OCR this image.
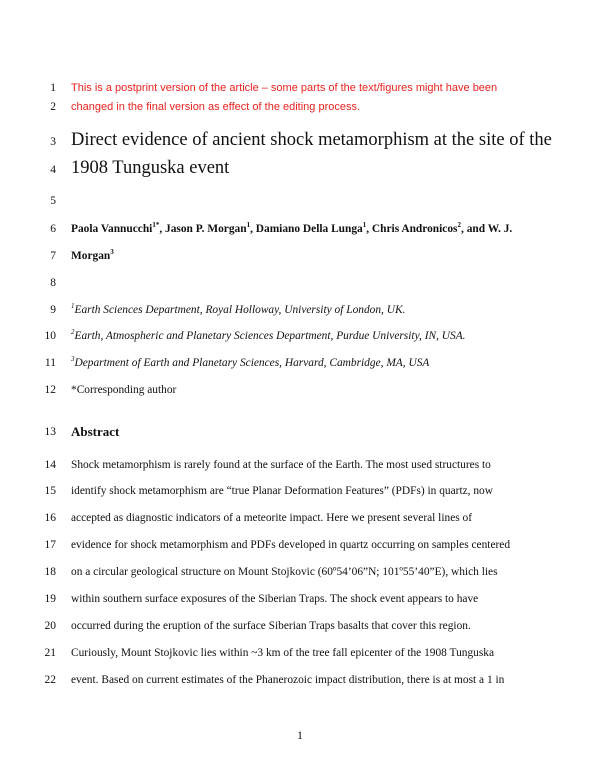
1
2
3
4
5
6
7
8
9
10
11
12
13
14
15
16
17
18
19
20
21
22
This is a postprint version of the article – some parts of the text/figures might have been
changed in the final version as effect of the editing process.
Direct evidence of ancient shock metamorphism at the site of the
1908 Tunguska event
Paola Vannucchi$^{1*}$, Jason P. Morgan$^1$, Damiano Della Lunga$^1$, Chris Andronicos$^2$, and W. J.
Morgan$^3$
$^1$Earth Sciences Department, Royal Holloway, University of London, UK.
$^2$Earth, Atmospheric and Planetary Sciences Department, Purdue University, IN, USA.
$^3$Department of Earth and Planetary Sciences, Harvard, Cambridge, MA, USA
*Corresponding author
Abstract
Shock metamorphism is rarely found at the surface of the Earth. The most used structures to
identify shock metamorphism are “true Planar Deformation Features” (PDFs) in quartz, now
accepted as diagnostic indicators of a meteorite impact. Here we present several lines of
evidence for shock metamorphism and PDFs developed in quartz occurring on samples centered
on a circular geological structure on Mount Stojkovic (60º54’06”N; 101º55’40”E), which lies
within southern surface exposures of the Siberian Traps. The shock event appears to have
occurred during the eruption of the surface Siberian Traps basalts that cover this region.
Curiously, Mount Stojkovic lies within ~3 km of the tree fall epicenter of the 1908 Tunguska
event. Based on current estimates of the Phanerozoic impact distribution, there is at most a 1 in
1
